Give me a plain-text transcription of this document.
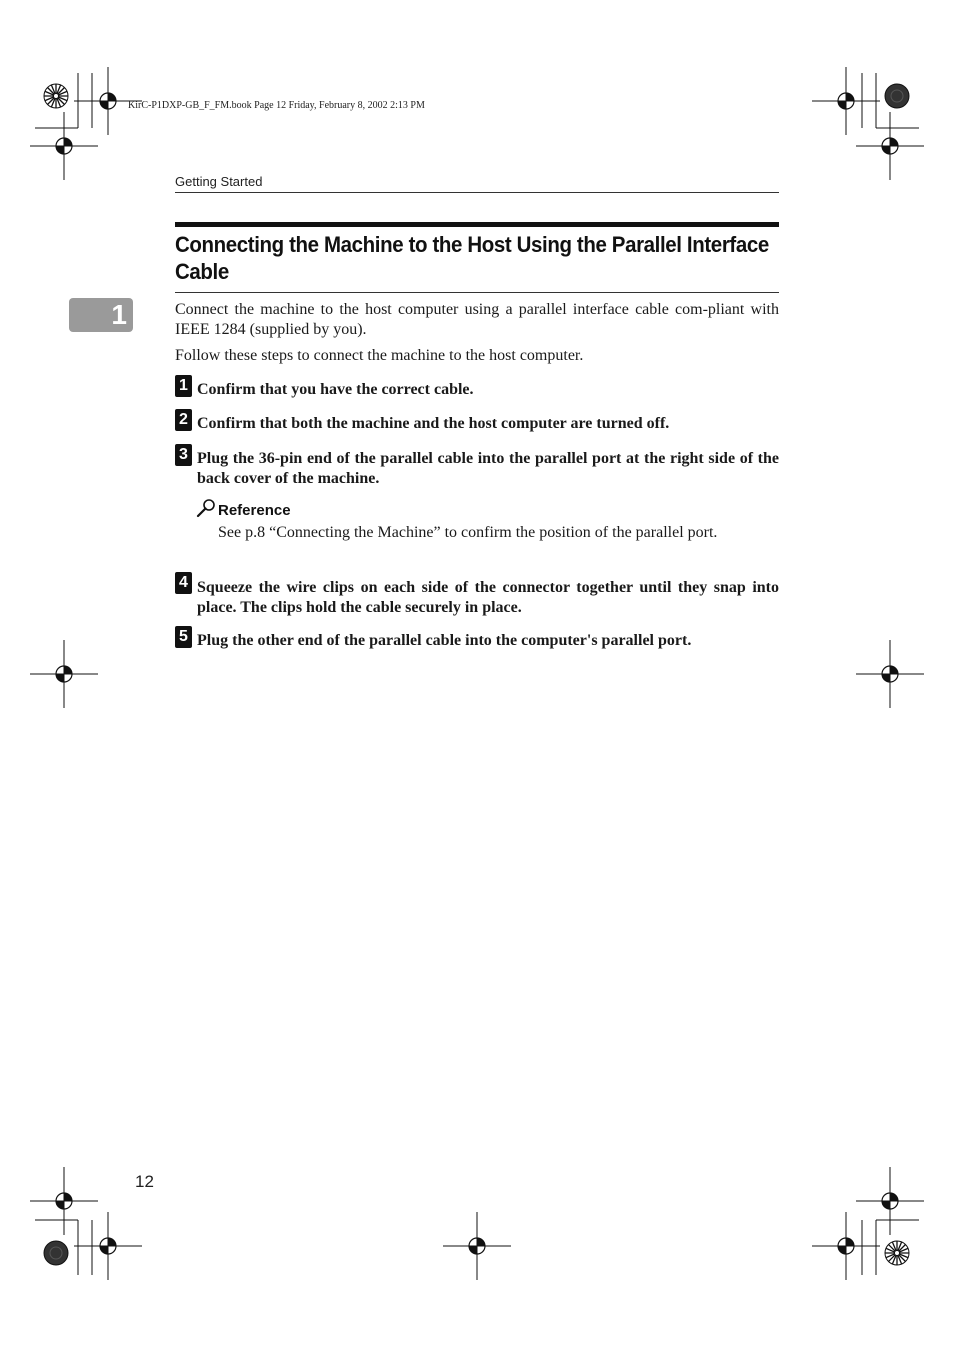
KirC-P1DXP-GB_F_FM.book Page 12 Friday, February 8, 2002 2:13 PM
Getting Started
1
Connecting the Machine to the Host Using the Parallel Interface Cable
Connect the machine to the host computer using a parallel interface cable com-pliant with IEEE 1284 (supplied by you).
Follow these steps to connect the machine to the host computer.
1 Confirm that you have the correct cable.
2 Confirm that both the machine and the host computer are turned off.
3 Plug the 36-pin end of the parallel cable into the parallel port at the right side of the back cover of the machine.
Reference
See p.8 “Connecting the Machine” to confirm the position of the parallel port.
4 Squeeze the wire clips on each side of the connector together until they snap into place. The clips hold the cable securely in place.
5 Plug the other end of the parallel cable into the computer's parallel port.
12
